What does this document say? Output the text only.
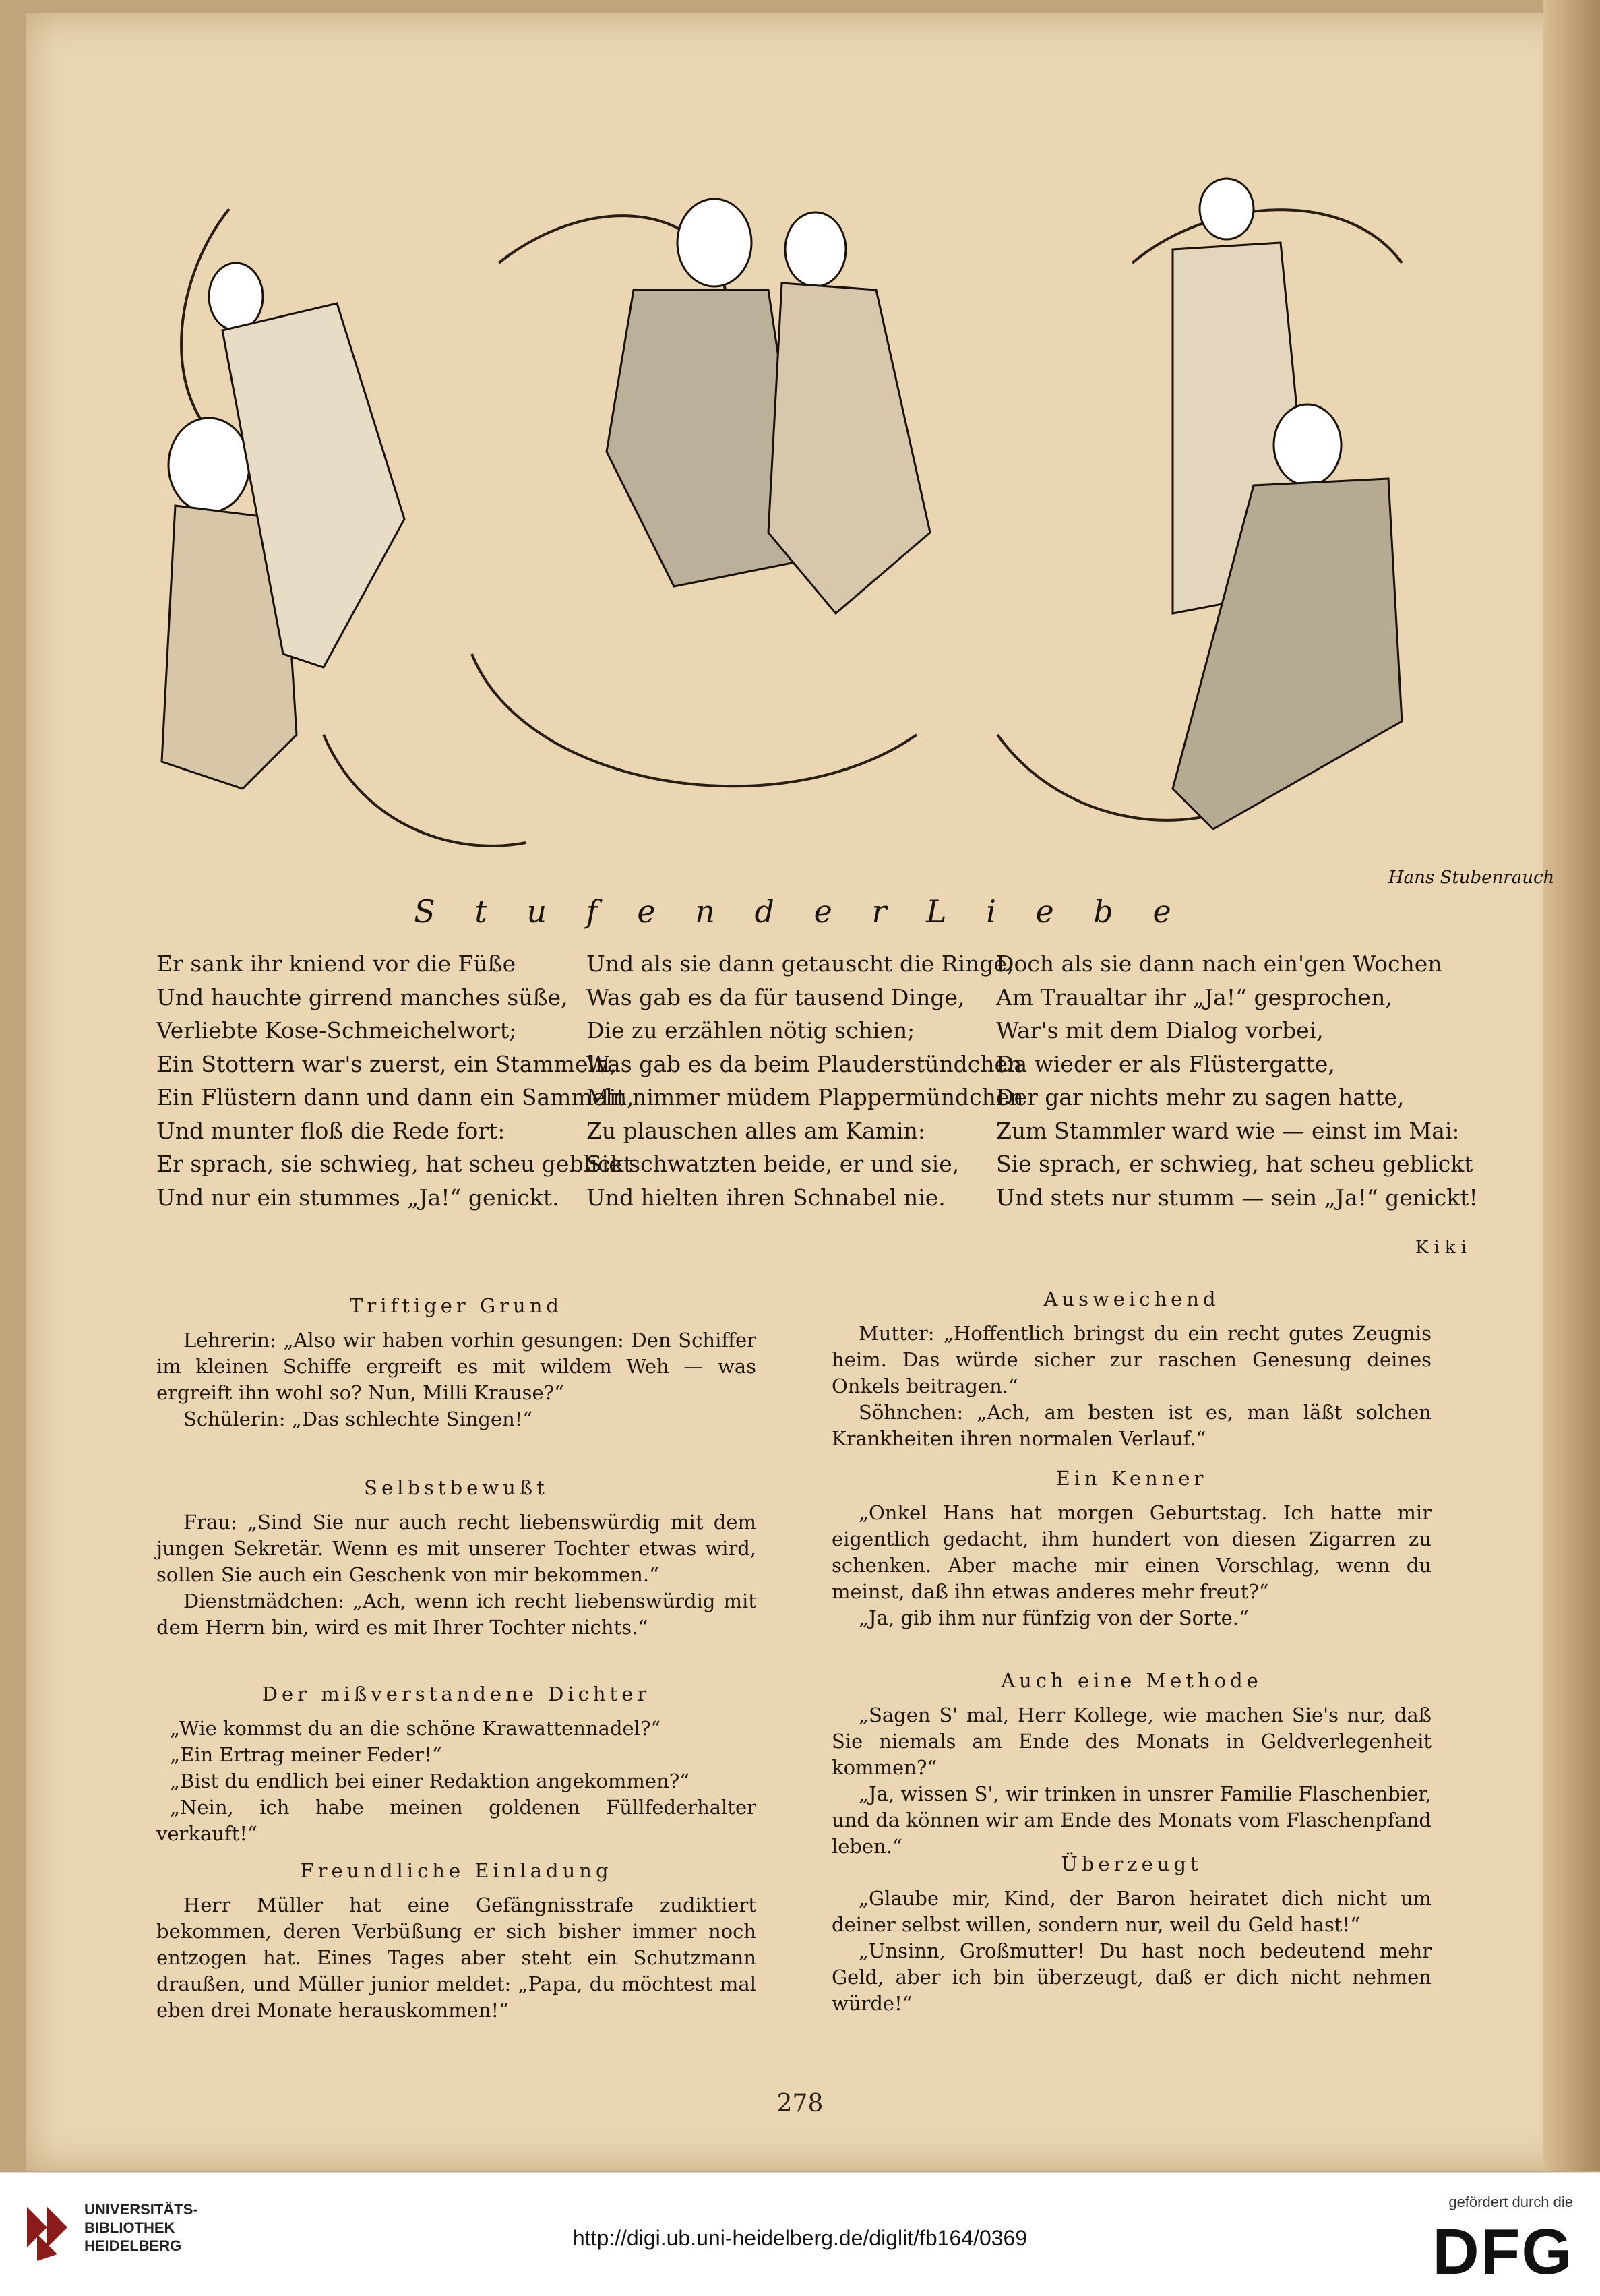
Hans Stubenrauch
S t u f e n d e r L i e b e
Er sank ihr kniend vor die Füße
Und hauchte girrend manches süße,
Verliebte Kose-Schmeichelwort;
Ein Stottern war's zuerst, ein Stammeln,
Ein Flüstern dann und dann ein Sammeln,
Und munter floß die Rede fort:
Er sprach, sie schwieg, hat scheu geblickt
Und nur ein stummes „Ja!“ genickt.
Und als sie dann getauscht die Ringe,
Was gab es da für tausend Dinge,
Die zu erzählen nötig schien;
Was gab es da beim Plauderstündchen
Mit nimmer müdem Plappermündchen
Zu plauschen alles am Kamin:
Sie schwatzten beide, er und sie,
Und hielten ihren Schnabel nie.
Doch als sie dann nach ein'gen Wochen
Am Traualtar ihr „Ja!“ gesprochen,
War's mit dem Dialog vorbei,
Da wieder er als Flüstergatte,
Der gar nichts mehr zu sagen hatte,
Zum Stammler ward wie — einst im Mai:
Sie sprach, er schwieg, hat scheu geblickt
Und stets nur stumm — sein „Ja!“ genickt!
Kiki
Triftiger Grund

Lehrerin: „Also wir haben vorhin gesungen: Den Schiffer im kleinen Schiffe ergreift es mit wildem Weh — was ergreift ihn wohl so? Nun, Milli Krause?“

Schülerin: „Das schlechte Singen!“

Selbstbewußt

Frau: „Sind Sie nur auch recht liebenswürdig mit dem jungen Sekretär. Wenn es mit unserer Tochter etwas wird, sollen Sie auch ein Geschenk von mir bekommen.“

Dienstmädchen: „Ach, wenn ich recht liebenswürdig mit dem Herrn bin, wird es mit Ihrer Tochter nichts.“

Der mißverstandene Dichter

„Wie kommst du an die schöne Krawattennadel?“

„Ein Ertrag meiner Feder!“

„Bist du endlich bei einer Redaktion angekommen?“

„Nein, ich habe meinen goldenen Füllfederhalter verkauft!“

Freundliche Einladung

Herr Müller hat eine Gefängnisstrafe zudiktiert bekommen, deren Verbüßung er sich bisher immer noch entzogen hat. Eines Tages aber steht ein Schutzmann draußen, und Müller junior meldet: „Papa, du möchtest mal eben drei Monate herauskommen!“

Ausweichend

Mutter: „Hoffentlich bringst du ein recht gutes Zeugnis heim. Das würde sicher zur raschen Genesung deines Onkels beitragen.“

Söhnchen: „Ach, am besten ist es, man läßt solchen Krankheiten ihren normalen Verlauf.“

Ein Kenner

„Onkel Hans hat morgen Geburtstag. Ich hatte mir eigentlich gedacht, ihm hundert von diesen Zigarren zu schenken. Aber mache mir einen Vorschlag, wenn du meinst, daß ihn etwas anderes mehr freut?“

„Ja, gib ihm nur fünfzig von der Sorte.“

Auch eine Methode

„Sagen S' mal, Herr Kollege, wie machen Sie's nur, daß Sie niemals am Ende des Monats in Geldverlegenheit kommen?“

„Ja, wissen S', wir trinken in unsrer Familie Flaschenbier, und da können wir am Ende des Monats vom Flaschenpfand leben.“

Überzeugt

„Glaube mir, Kind, der Baron heiratet dich nicht um deiner selbst willen, sondern nur, weil du Geld hast!“

„Unsinn, Großmutter! Du hast noch bedeutend mehr Geld, aber ich bin überzeugt, daß er dich nicht nehmen würde!“

278
UNIVERSITÄTS-
BIBLIOTHEK
HEIDELBERG	http://digi.ub.uni-heidelberg.de/diglit/fb164/0369
gefördert durch die
DFG
